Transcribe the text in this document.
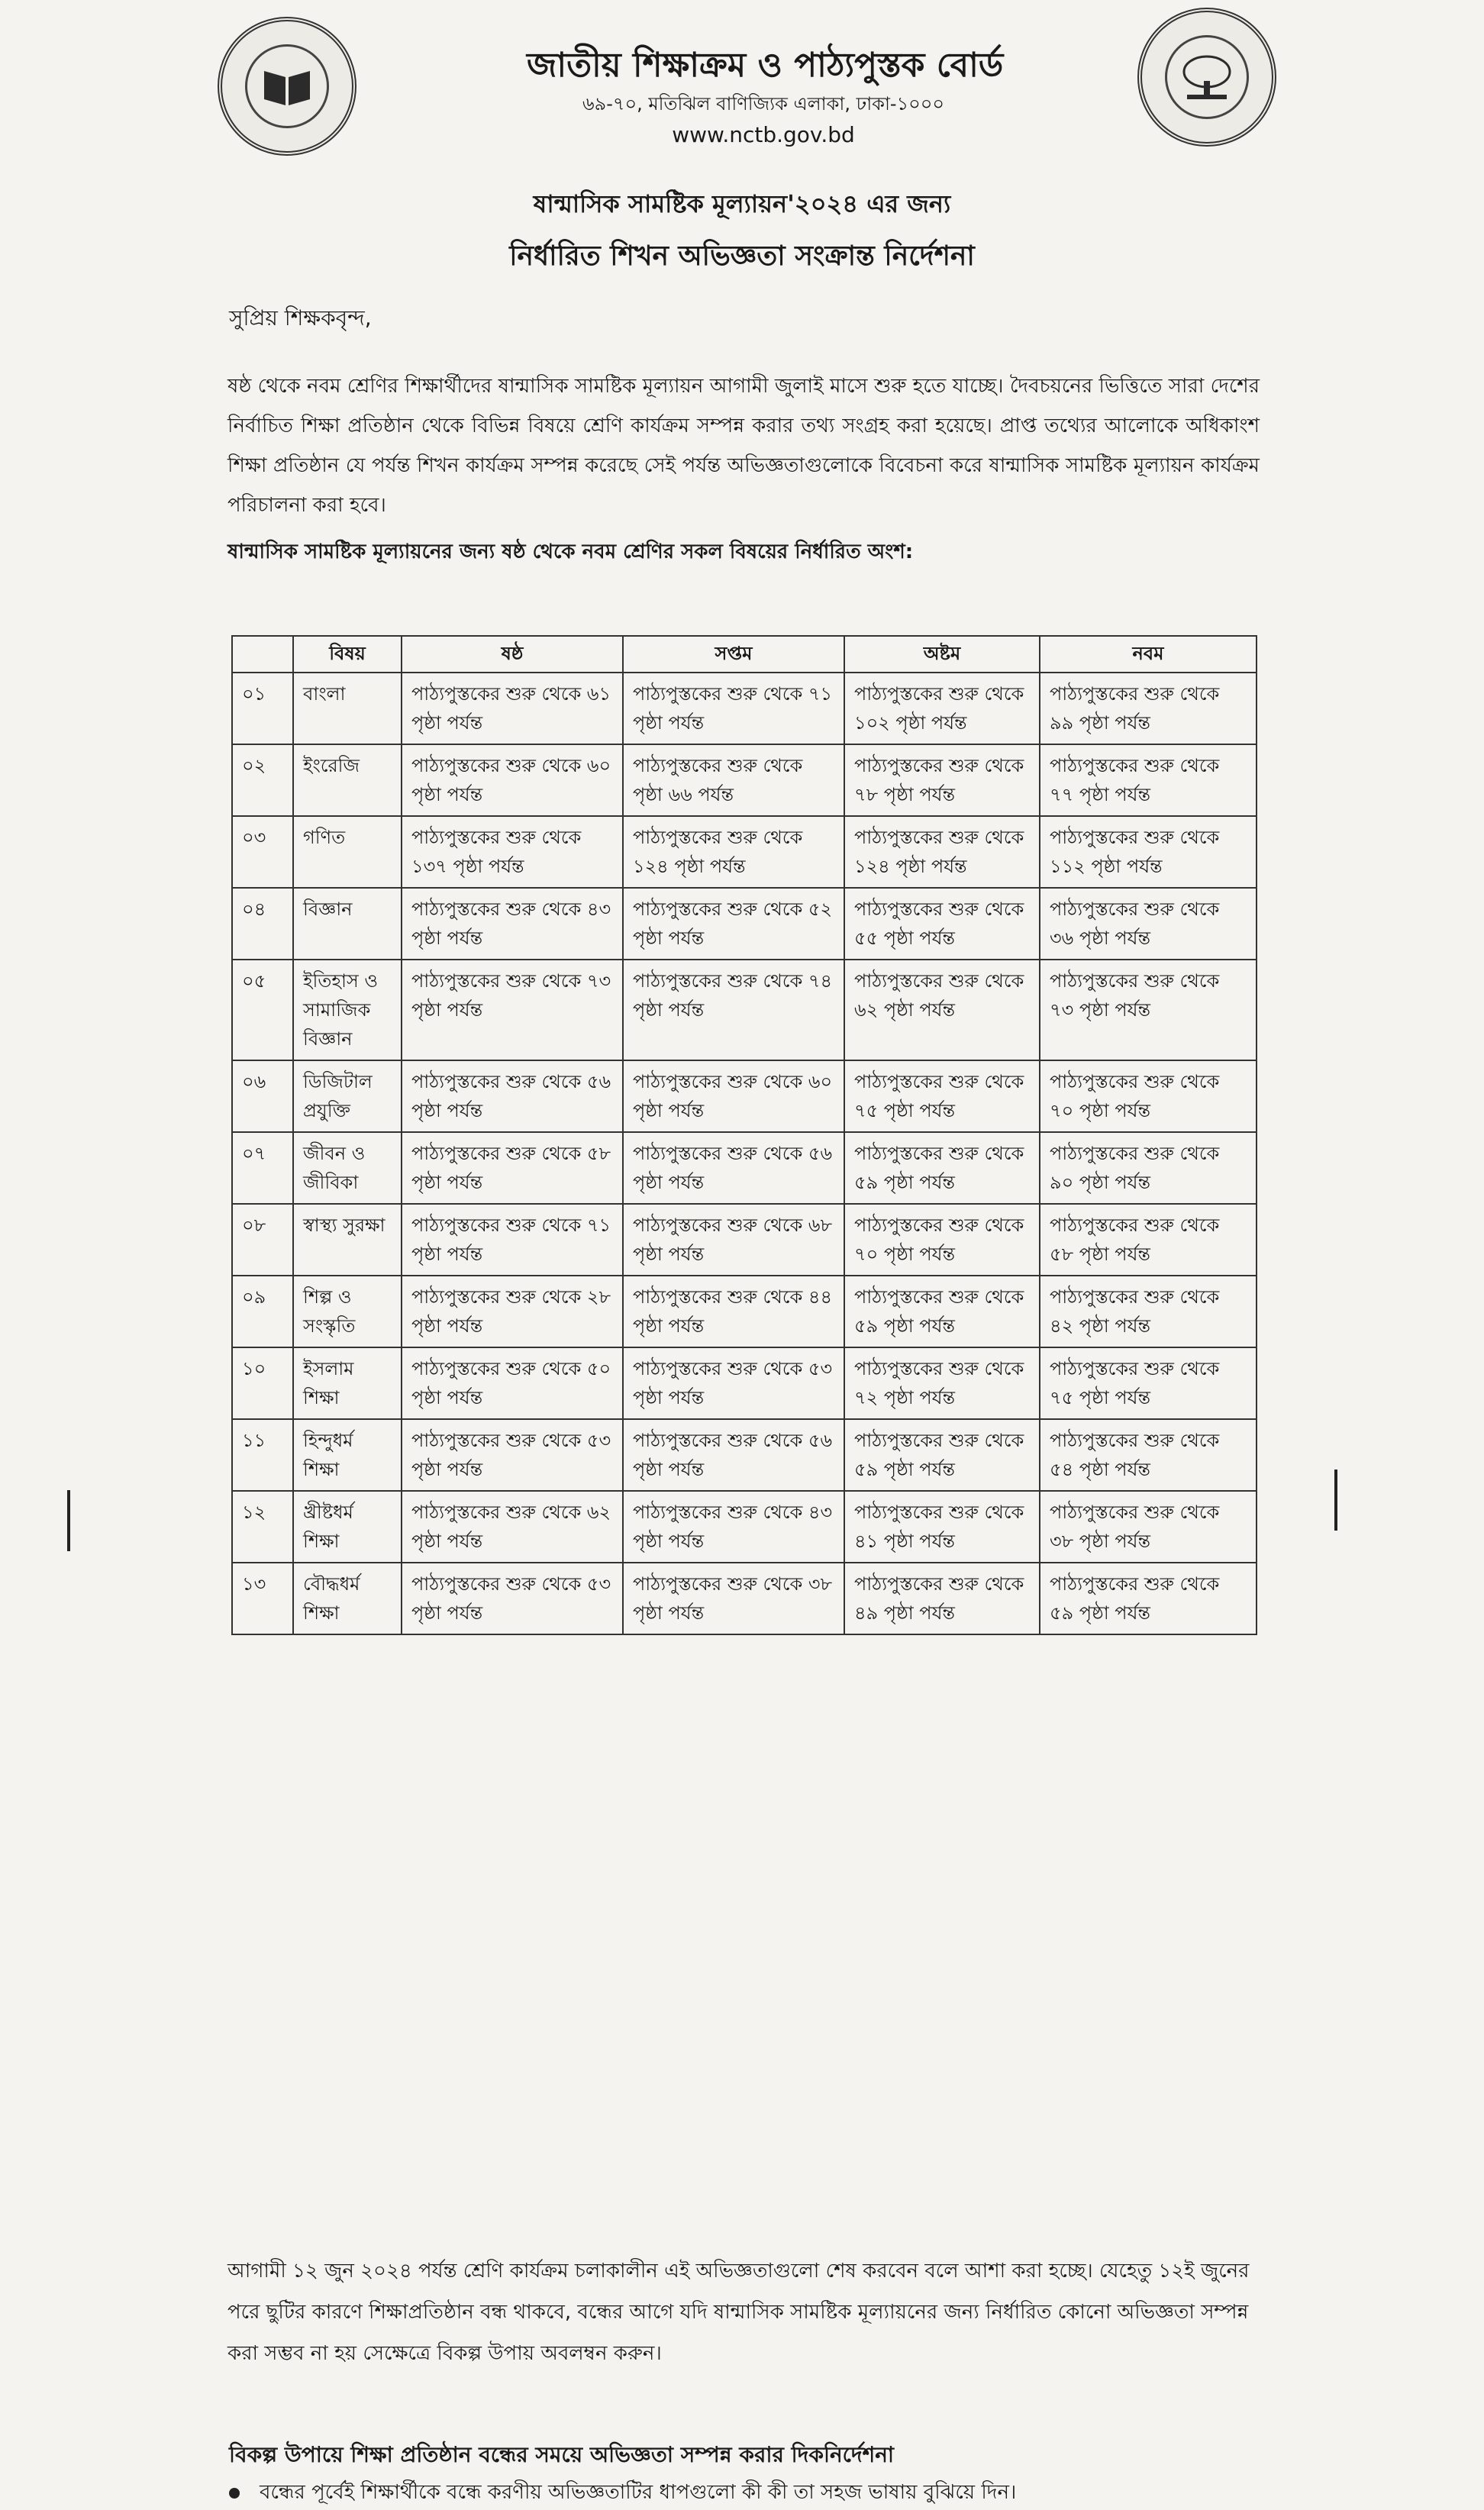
জাতীয় শিক্ষাক্রম ও পাঠ্যপুস্তক বোর্ড
৬৯-৭০, মতিঝিল বাণিজ্যিক এলাকা, ঢাকা-১০০০
www.nctb.gov.bd
ষান্মাসিক সামষ্টিক মূল্যায়ন'২০২৪ এর জন্য
নির্ধারিত শিখন অভিজ্ঞতা সংক্রান্ত নির্দেশনা
সুপ্রিয় শিক্ষকবৃন্দ,
ষষ্ঠ থেকে নবম শ্রেণির শিক্ষার্থীদের ষান্মাসিক সামষ্টিক মূল্যায়ন আগামী জুলাই মাসে শুরু হতে যাচ্ছে। দৈবচয়নের ভিত্তিতে সারা দেশের নির্বাচিত শিক্ষা প্রতিষ্ঠান থেকে বিভিন্ন বিষয়ে শ্রেণি কার্যক্রম সম্পন্ন করার তথ্য সংগ্রহ করা হয়েছে। প্রাপ্ত তথ্যের আলোকে অধিকাংশ শিক্ষা প্রতিষ্ঠান যে পর্যন্ত শিখন কার্যক্রম সম্পন্ন করেছে সেই পর্যন্ত অভিজ্ঞতাগুলোকে বিবেচনা করে ষান্মাসিক সামষ্টিক মূল্যায়ন কার্যক্রম পরিচালনা করা হবে।
ষান্মাসিক সামষ্টিক মূল্যায়নের জন্য ষষ্ঠ থেকে নবম শ্রেণির সকল বিষয়ের নির্ধারিত অংশ:
	বিষয়	ষষ্ঠ	সপ্তম	অষ্টম	নবম
০১	বাংলা	পাঠ্যপুস্তকের শুরু থেকে ৬১ পৃষ্ঠা পর্যন্ত	পাঠ্যপুস্তকের শুরু থেকে ৭১ পৃষ্ঠা পর্যন্ত	পাঠ্যপুস্তকের শুরু থেকে ১০২ পৃষ্ঠা পর্যন্ত	পাঠ্যপুস্তকের শুরু থেকে ৯৯ পৃষ্ঠা পর্যন্ত
০২	ইংরেজি	পাঠ্যপুস্তকের শুরু থেকে ৬০ পৃষ্ঠা পর্যন্ত	পাঠ্যপুস্তকের শুরু থেকে পৃষ্ঠা ৬৬ পর্যন্ত	পাঠ্যপুস্তকের শুরু থেকে ৭৮ পৃষ্ঠা পর্যন্ত	পাঠ্যপুস্তকের শুরু থেকে ৭৭ পৃষ্ঠা পর্যন্ত
০৩	গণিত	পাঠ্যপুস্তকের শুরু থেকে ১৩৭ পৃষ্ঠা পর্যন্ত	পাঠ্যপুস্তকের শুরু থেকে ১২৪ পৃষ্ঠা পর্যন্ত	পাঠ্যপুস্তকের শুরু থেকে ১২৪ পৃষ্ঠা পর্যন্ত	পাঠ্যপুস্তকের শুরু থেকে ১১২ পৃষ্ঠা পর্যন্ত
০৪	বিজ্ঞান	পাঠ্যপুস্তকের শুরু থেকে ৪৩ পৃষ্ঠা পর্যন্ত	পাঠ্যপুস্তকের শুরু থেকে ৫২ পৃষ্ঠা পর্যন্ত	পাঠ্যপুস্তকের শুরু থেকে ৫৫ পৃষ্ঠা পর্যন্ত	পাঠ্যপুস্তকের শুরু থেকে ৩৬ পৃষ্ঠা পর্যন্ত
০৫	ইতিহাস ও সামাজিক বিজ্ঞান	পাঠ্যপুস্তকের শুরু থেকে ৭৩ পৃষ্ঠা পর্যন্ত	পাঠ্যপুস্তকের শুরু থেকে ৭৪ পৃষ্ঠা পর্যন্ত	পাঠ্যপুস্তকের শুরু থেকে ৬২ পৃষ্ঠা পর্যন্ত	পাঠ্যপুস্তকের শুরু থেকে ৭৩ পৃষ্ঠা পর্যন্ত
০৬	ডিজিটাল প্রযুক্তি	পাঠ্যপুস্তকের শুরু থেকে ৫৬ পৃষ্ঠা পর্যন্ত	পাঠ্যপুস্তকের শুরু থেকে ৬০ পৃষ্ঠা পর্যন্ত	পাঠ্যপুস্তকের শুরু থেকে ৭৫ পৃষ্ঠা পর্যন্ত	পাঠ্যপুস্তকের শুরু থেকে ৭০ পৃষ্ঠা পর্যন্ত
০৭	জীবন ও জীবিকা	পাঠ্যপুস্তকের শুরু থেকে ৫৮ পৃষ্ঠা পর্যন্ত	পাঠ্যপুস্তকের শুরু থেকে ৫৬ পৃষ্ঠা পর্যন্ত	পাঠ্যপুস্তকের শুরু থেকে ৫৯ পৃষ্ঠা পর্যন্ত	পাঠ্যপুস্তকের শুরু থেকে ৯০ পৃষ্ঠা পর্যন্ত
০৮	স্বাস্থ্য সুরক্ষা	পাঠ্যপুস্তকের শুরু থেকে ৭১ পৃষ্ঠা পর্যন্ত	পাঠ্যপুস্তকের শুরু থেকে ৬৮ পৃষ্ঠা পর্যন্ত	পাঠ্যপুস্তকের শুরু থেকে ৭০ পৃষ্ঠা পর্যন্ত	পাঠ্যপুস্তকের শুরু থেকে ৫৮ পৃষ্ঠা পর্যন্ত
০৯	শিল্প ও সংস্কৃতি	পাঠ্যপুস্তকের শুরু থেকে ২৮ পৃষ্ঠা পর্যন্ত	পাঠ্যপুস্তকের শুরু থেকে ৪৪ পৃষ্ঠা পর্যন্ত	পাঠ্যপুস্তকের শুরু থেকে ৫৯ পৃষ্ঠা পর্যন্ত	পাঠ্যপুস্তকের শুরু থেকে ৪২ পৃষ্ঠা পর্যন্ত
১০	ইসলাম শিক্ষা	পাঠ্যপুস্তকের শুরু থেকে ৫০ পৃষ্ঠা পর্যন্ত	পাঠ্যপুস্তকের শুরু থেকে ৫৩ পৃষ্ঠা পর্যন্ত	পাঠ্যপুস্তকের শুরু থেকে ৭২ পৃষ্ঠা পর্যন্ত	পাঠ্যপুস্তকের শুরু থেকে ৭৫ পৃষ্ঠা পর্যন্ত
১১	হিন্দুধর্ম শিক্ষা	পাঠ্যপুস্তকের শুরু থেকে ৫৩ পৃষ্ঠা পর্যন্ত	পাঠ্যপুস্তকের শুরু থেকে ৫৬ পৃষ্ঠা পর্যন্ত	পাঠ্যপুস্তকের শুরু থেকে ৫৯ পৃষ্ঠা পর্যন্ত	পাঠ্যপুস্তকের শুরু থেকে ৫৪ পৃষ্ঠা পর্যন্ত
১২	খ্রীষ্টধর্ম শিক্ষা	পাঠ্যপুস্তকের শুরু থেকে ৬২ পৃষ্ঠা পর্যন্ত	পাঠ্যপুস্তকের শুরু থেকে ৪৩ পৃষ্ঠা পর্যন্ত	পাঠ্যপুস্তকের শুরু থেকে ৪১ পৃষ্ঠা পর্যন্ত	পাঠ্যপুস্তকের শুরু থেকে ৩৮ পৃষ্ঠা পর্যন্ত
১৩	বৌদ্ধধর্ম শিক্ষা	পাঠ্যপুস্তকের শুরু থেকে ৫৩ পৃষ্ঠা পর্যন্ত	পাঠ্যপুস্তকের শুরু থেকে ৩৮ পৃষ্ঠা পর্যন্ত	পাঠ্যপুস্তকের শুরু থেকে ৪৯ পৃষ্ঠা পর্যন্ত	পাঠ্যপুস্তকের শুরু থেকে ৫৯ পৃষ্ঠা পর্যন্ত
আগামী ১২ জুন ২০২৪ পর্যন্ত শ্রেণি কার্যক্রম চলাকালীন এই অভিজ্ঞতাগুলো শেষ করবেন বলে আশা করা হচ্ছে। যেহেতু ১২ই জুনের পরে ছুটির কারণে শিক্ষাপ্রতিষ্ঠান বন্ধ থাকবে, বন্ধের আগে যদি ষান্মাসিক সামষ্টিক মূল্যায়নের জন্য নির্ধারিত কোনো অভিজ্ঞতা সম্পন্ন করা সম্ভব না হয় সেক্ষেত্রে বিকল্প উপায় অবলম্বন করুন।
বিকল্প উপায়ে শিক্ষা প্রতিষ্ঠান বন্ধের সময়ে অভিজ্ঞতা সম্পন্ন করার দিকনির্দেশনা
বন্ধের পূর্বেই শিক্ষার্থীকে বন্ধে করণীয় অভিজ্ঞতাটির ধাপগুলো কী কী তা সহজ ভাষায় বুঝিয়ে দিন।
